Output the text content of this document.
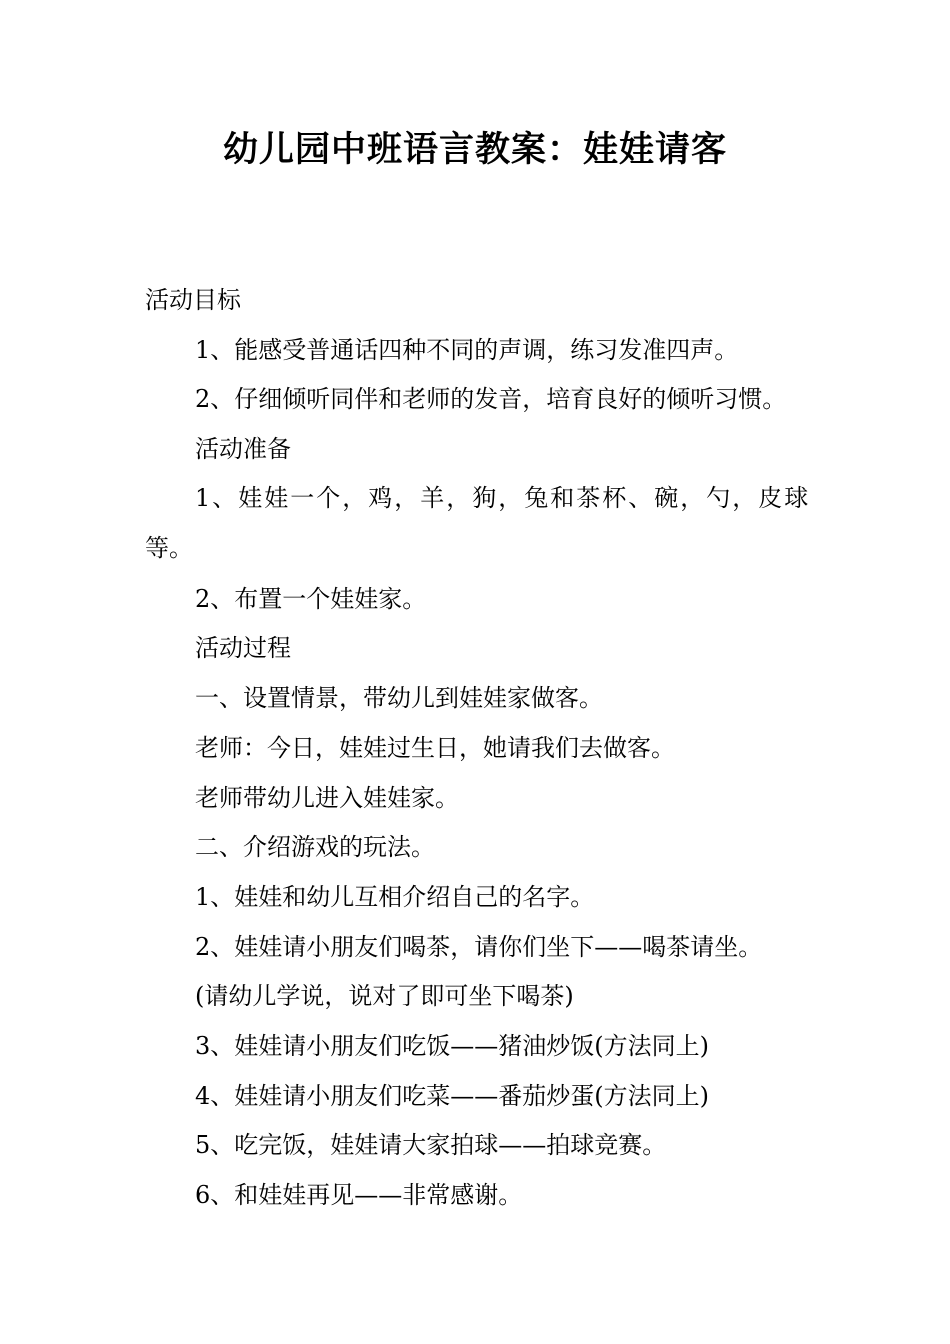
幼儿园中班语言教案：娃娃请客

活动目标

1、能感受普通话四种不同的声调，练习发准四声。

2、仔细倾听同伴和老师的发音，培育良好的倾听习惯。

活动准备

1、娃娃一个，鸡，羊，狗，兔和茶杯、碗，勺，皮球

等。

2、布置一个娃娃家。

活动过程

一、设置情景，带幼儿到娃娃家做客。

老师：今日，娃娃过生日，她请我们去做客。

老师带幼儿进入娃娃家。

二、介绍游戏的玩法。

1、娃娃和幼儿互相介绍自己的名字。

2、娃娃请小朋友们喝茶，请你们坐下——喝茶请坐。

(请幼儿学说，说对了即可坐下喝茶)

3、娃娃请小朋友们吃饭——猪油炒饭(方法同上)

4、娃娃请小朋友们吃菜——番茄炒蛋(方法同上)

5、吃完饭，娃娃请大家拍球——拍球竞赛。

6、和娃娃再见——非常感谢。
